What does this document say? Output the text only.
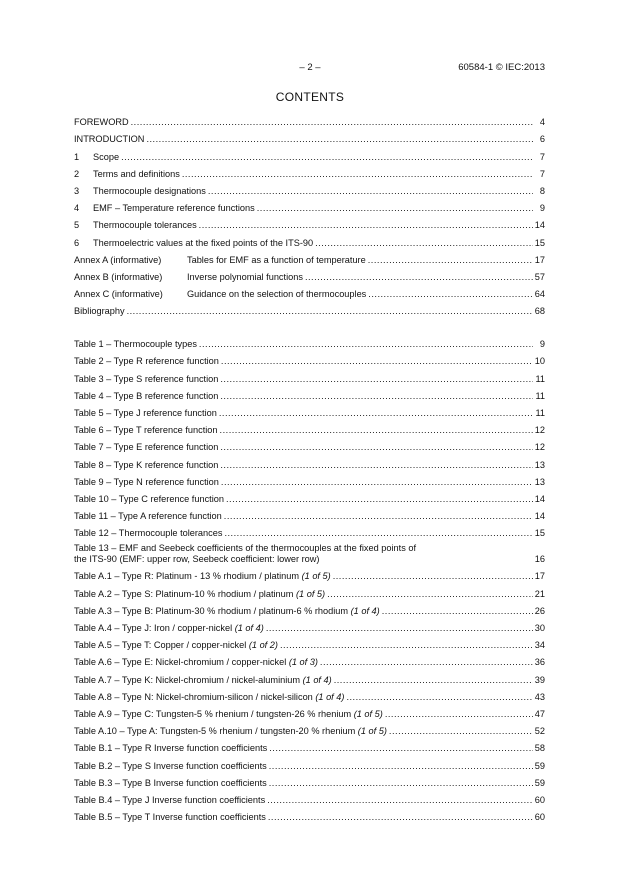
– 2 –	60584-1 © IEC:2013
CONTENTS
FOREWORD .....	4
INTRODUCTION .....	6
1 Scope .....	7
2 Terms and definitions .....	7
3 Thermocouple designations .....	8
4 EMF – Temperature reference functions .....	9
5 Thermocouple tolerances .....	14
6 Thermoelectric values at the fixed points of the ITS-90 .....	15
Annex A (informative)	Tables for EMF as a function of temperature .....	17
Annex B (informative)	Inverse polynomial functions .....	57
Annex C (informative)	Guidance on the selection of thermocouples .....	64
Bibliography .....	68
Table 1 – Thermocouple types .....	9
Table 2 – Type R reference function .....	10
Table 3 – Type S reference function .....	11
Table 4 – Type B reference function .....	11
Table 5 – Type J reference function .....	11
Table 6 – Type T reference function .....	12
Table 7 – Type E reference function .....	12
Table 8 – Type K reference function .....	13
Table 9 – Type N reference function .....	13
Table 10 – Type C reference function .....	14
Table 11 – Type A reference function .....	14
Table 12 – Thermocouple tolerances .....	15
Table 13 – EMF and Seebeck coefficients of the thermocouples at the fixed points of
the ITS-90 (EMF: upper row, Seebeck coefficient: lower row)	16
Table A.1 – Type R: Platinum - 13 % rhodium / platinum (1 of 5) .....	17
Table A.2 – Type S: Platinum-10 % rhodium / platinum (1 of 5) .....	21
Table A.3 – Type B: Platinum-30 % rhodium / platinum-6 % rhodium (1 of 4) .....	26
Table A.4 – Type J: Iron / copper-nickel (1 of 4) .....	30
Table A.5 – Type T: Copper / copper-nickel (1 of 2) .....	34
Table A.6 – Type E: Nickel-chromium / copper-nickel (1 of 3) .....	36
Table A.7 – Type K: Nickel-chromium / nickel-aluminium (1 of 4) .....	39
Table A.8 – Type N: Nickel-chromium-silicon / nickel-silicon (1 of 4) .....	43
Table A.9 – Type C: Tungsten-5 % rhenium / tungsten-26 % rhenium (1 of 5) .....	47
Table A.10 – Type A: Tungsten-5 % rhenium / tungsten-20 % rhenium (1 of 5) .....	52
Table B.1 – Type R Inverse function coefficients .....	58
Table B.2 – Type S Inverse function coefficients .....	59
Table B.3 – Type B Inverse function coefficients .....	59
Table B.4 – Type J Inverse function coefficients .....	60
Table B.5 – Type T Inverse function coefficients .....	60
